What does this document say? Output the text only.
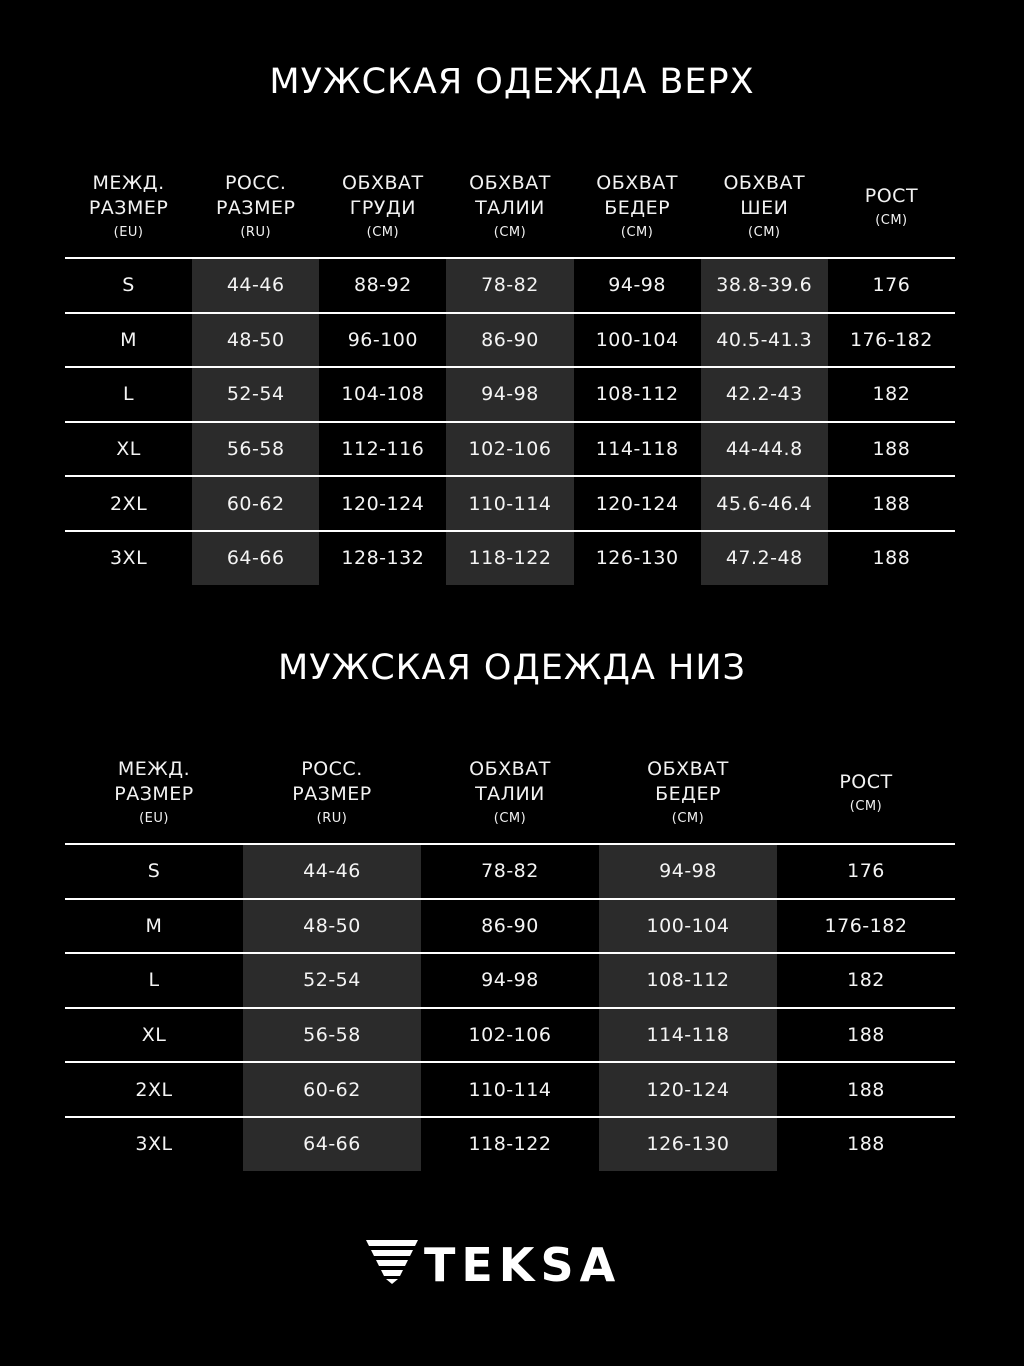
МУЖСКАЯ ОДЕЖДА ВЕРХ
МЕЖД.
РАЗМЕР
(EU)
РОСС.
РАЗМЕР
(RU)
ОБХВАТ
ГРУДИ
(СМ)
ОБХВАТ
ТАЛИИ
(СМ)
ОБХВАТ
БЕДЕР
(СМ)
ОБХВАТ
ШЕИ
(СМ)
РОСТ
(СМ)
S	44-46	88-92	78-82	94-98	38.8-39.6	176
M	48-50	96-100	86-90	100-104	40.5-41.3	176-182
L	52-54	104-108	94-98	108-112	42.2-43	182
XL	56-58	112-116	102-106	114-118	44-44.8	188
2XL	60-62	120-124	110-114	120-124	45.6-46.4	188
3XL	64-66	128-132	118-122	126-130	47.2-48	188
МУЖСКАЯ ОДЕЖДА НИЗ
МЕЖД.
РАЗМЕР
(EU)
РОСС.
РАЗМЕР
(RU)
ОБХВАТ
ТАЛИИ
(СМ)
ОБХВАТ
БЕДЕР
(СМ)
РОСТ
(СМ)
S	44-46	78-82	94-98	176
M	48-50	86-90	100-104	176-182
L	52-54	94-98	108-112	182
XL	56-58	102-106	114-118	188
2XL	60-62	110-114	120-124	188
3XL	64-66	118-122	126-130	188
TEKSA
